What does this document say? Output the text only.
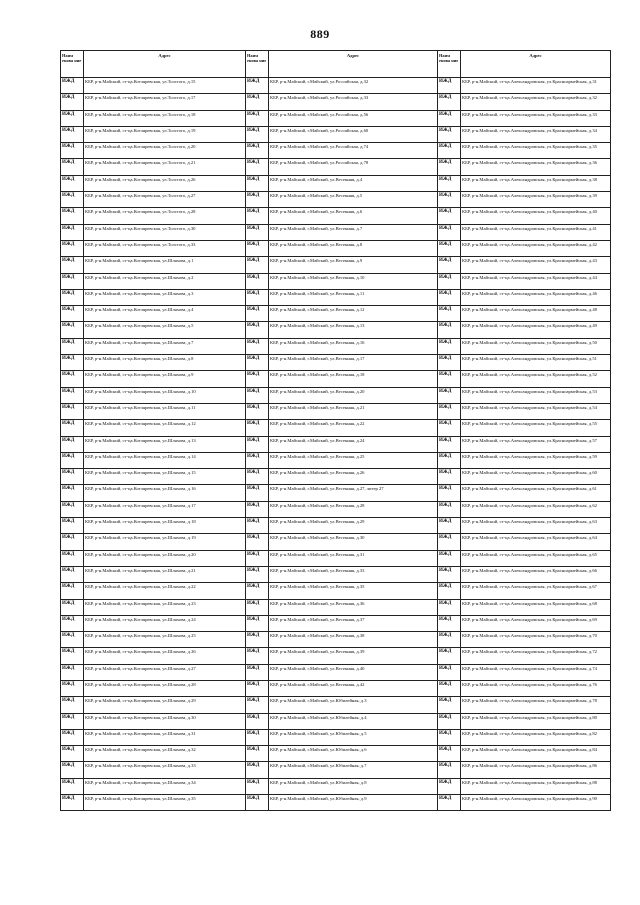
889
Наим енова ние	Адрес	Наим енова ние	Адрес	Наим енова ние	Адрес
ИЖД	КБР, р-н.Майский, ст-ца.Котляревская, ул.Толстого, д.15	ИЖД	КБР, р-н.Майский, г.Майский, ул.Российская, д.32	ИЖД	КБР, р-н.Майский, ст-ца.Александровская, ул.Красноармейская, д.31
ИЖД	КБР, р-н.Майский, ст-ца.Котляревская, ул.Толстого, д.17	ИЖД	КБР, р-н.Майский, г.Майский, ул.Российская, д.33	ИЖД	КБР, р-н.Майский, ст-ца.Александровская, ул.Красноармейская, д.32
ИЖД	КБР, р-н.Майский, ст-ца.Котляревская, ул.Толстого, д.18	ИЖД	КБР, р-н.Майский, г.Майский, ул.Российская, д.56	ИЖД	КБР, р-н.Майский, ст-ца.Александровская, ул.Красноармейская, д.33
ИЖД	КБР, р-н.Майский, ст-ца.Котляревская, ул.Толстого, д.19	ИЖД	КБР, р-н.Майский, г.Майский, ул.Российская, д.60	ИЖД	КБР, р-н.Майский, ст-ца.Александровская, ул.Красноармейская, д.34
ИЖД	КБР, р-н.Майский, ст-ца.Котляревская, ул.Толстого, д.20	ИЖД	КБР, р-н.Майский, г.Майский, ул.Российская, д.74	ИЖД	КБР, р-н.Майский, ст-ца.Александровская, ул.Красноармейская, д.35
ИЖД	КБР, р-н.Майский, ст-ца.Котляревская, ул.Толстого, д.21	ИЖД	КБР, р-н.Майский, г.Майский, ул.Российская, д.78	ИЖД	КБР, р-н.Майский, ст-ца.Александровская, ул.Красноармейская, д.36
ИЖД	КБР, р-н.Майский, ст-ца.Котляревская, ул.Толстого, д.26	ИЖД	КБР, р-н.Майский, г.Майский, ул.Весенняя, д.4	ИЖД	КБР, р-н.Майский, ст-ца.Александровская, ул.Красноармейская, д.38
ИЖД	КБР, р-н.Майский, ст-ца.Котляревская, ул.Толстого, д.27	ИЖД	КБР, р-н.Майский, г.Майский, ул.Весенняя, д.5	ИЖД	КБР, р-н.Майский, ст-ца.Александровская, ул.Красноармейская, д.39
ИЖД	КБР, р-н.Майский, ст-ца.Котляревская, ул.Толстого, д.28	ИЖД	КБР, р-н.Майский, г.Майский, ул.Весенняя, д.6	ИЖД	КБР, р-н.Майский, ст-ца.Александровская, ул.Красноармейская, д.40
ИЖД	КБР, р-н.Майский, ст-ца.Котляревская, ул.Толстого, д.30	ИЖД	КБР, р-н.Майский, г.Майский, ул.Весенняя, д.7	ИЖД	КБР, р-н.Майский, ст-ца.Александровская, ул.Красноармейская, д.41
ИЖД	КБР, р-н.Майский, ст-ца.Котляревская, ул.Толстого, д.33	ИЖД	КБР, р-н.Майский, г.Майский, ул.Весенняя, д.8	ИЖД	КБР, р-н.Майский, ст-ца.Александровская, ул.Красноармейская, д.42
ИЖД	КБР, р-н.Майский, ст-ца.Котляревская, ул.Шляхова, д.1	ИЖД	КБР, р-н.Майский, г.Майский, ул.Весенняя, д.9	ИЖД	КБР, р-н.Майский, ст-ца.Александровская, ул.Красноармейская, д.43
ИЖД	КБР, р-н.Майский, ст-ца.Котляревская, ул.Шляхова, д.2	ИЖД	КБР, р-н.Майский, г.Майский, ул.Весенняя, д.10	ИЖД	КБР, р-н.Майский, ст-ца.Александровская, ул.Красноармейская, д.44
ИЖД	КБР, р-н.Майский, ст-ца.Котляревская, ул.Шляхова, д.3	ИЖД	КБР, р-н.Майский, г.Майский, ул.Весенняя, д.11	ИЖД	КБР, р-н.Майский, ст-ца.Александровская, ул.Красноармейская, д.46
ИЖД	КБР, р-н.Майский, ст-ца.Котляревская, ул.Шляхова, д.4	ИЖД	КБР, р-н.Майский, г.Майский, ул.Весенняя, д.12	ИЖД	КБР, р-н.Майский, ст-ца.Александровская, ул.Красноармейская, д.48
ИЖД	КБР, р-н.Майский, ст-ца.Котляревская, ул.Шляхова, д.5	ИЖД	КБР, р-н.Майский, г.Майский, ул.Весенняя, д.13	ИЖД	КБР, р-н.Майский, ст-ца.Александровская, ул.Красноармейская, д.49
ИЖД	КБР, р-н.Майский, ст-ца.Котляревская, ул.Шляхова, д.7	ИЖД	КБР, р-н.Майский, г.Майский, ул.Весенняя, д.16	ИЖД	КБР, р-н.Майский, ст-ца.Александровская, ул.Красноармейская, д.50
ИЖД	КБР, р-н.Майский, ст-ца.Котляревская, ул.Шляхова, д.8	ИЖД	КБР, р-н.Майский, г.Майский, ул.Весенняя, д.17	ИЖД	КБР, р-н.Майский, ст-ца.Александровская, ул.Красноармейская, д.51
ИЖД	КБР, р-н.Майский, ст-ца.Котляревская, ул.Шляхова, д.9	ИЖД	КБР, р-н.Майский, г.Майский, ул.Весенняя, д.18	ИЖД	КБР, р-н.Майский, ст-ца.Александровская, ул.Красноармейская, д.52
ИЖД	КБР, р-н.Майский, ст-ца.Котляревская, ул.Шляхова, д.10	ИЖД	КБР, р-н.Майский, г.Майский, ул.Весенняя, д.20	ИЖД	КБР, р-н.Майский, ст-ца.Александровская, ул.Красноармейская, д.53
ИЖД	КБР, р-н.Майский, ст-ца.Котляревская, ул.Шляхова, д.11	ИЖД	КБР, р-н.Майский, г.Майский, ул.Весенняя, д.21	ИЖД	КБР, р-н.Майский, ст-ца.Александровская, ул.Красноармейская, д.54
ИЖД	КБР, р-н.Майский, ст-ца.Котляревская, ул.Шляхова, д.12	ИЖД	КБР, р-н.Майский, г.Майский, ул.Весенняя, д.22	ИЖД	КБР, р-н.Майский, ст-ца.Александровская, ул.Красноармейская, д.55
ИЖД	КБР, р-н.Майский, ст-ца.Котляревская, ул.Шляхова, д.13	ИЖД	КБР, р-н.Майский, г.Майский, ул.Весенняя, д.24	ИЖД	КБР, р-н.Майский, ст-ца.Александровская, ул.Красноармейская, д.57
ИЖД	КБР, р-н.Майский, ст-ца.Котляревская, ул.Шляхова, д.14	ИЖД	КБР, р-н.Майский, г.Майский, ул.Весенняя, д.25	ИЖД	КБР, р-н.Майский, ст-ца.Александровская, ул.Красноармейская, д.59
ИЖД	КБР, р-н.Майский, ст-ца.Котляревская, ул.Шляхова, д.15	ИЖД	КБР, р-н.Майский, г.Майский, ул.Весенняя, д.26	ИЖД	КБР, р-н.Майский, ст-ца.Александровская, ул.Красноармейская, д.60
ИЖД	КБР, р-н.Майский, ст-ца.Котляревская, ул.Шляхова, д.16	ИЖД	КБР, р-н.Майский, г.Майский, ул.Весенняя, д.27, литер 27	ИЖД	КБР, р-н.Майский, ст-ца.Александровская, ул.Красноармейская, д.61
ИЖД	КБР, р-н.Майский, ст-ца.Котляревская, ул.Шляхова, д.17	ИЖД	КБР, р-н.Майский, г.Майский, ул.Весенняя, д.28	ИЖД	КБР, р-н.Майский, ст-ца.Александровская, ул.Красноармейская, д.62
ИЖД	КБР, р-н.Майский, ст-ца.Котляревская, ул.Шляхова, д.18	ИЖД	КБР, р-н.Майский, г.Майский, ул.Весенняя, д.29	ИЖД	КБР, р-н.Майский, ст-ца.Александровская, ул.Красноармейская, д.63
ИЖД	КБР, р-н.Майский, ст-ца.Котляревская, ул.Шляхова, д.19	ИЖД	КБР, р-н.Майский, г.Майский, ул.Весенняя, д.30	ИЖД	КБР, р-н.Майский, ст-ца.Александровская, ул.Красноармейская, д.64
ИЖД	КБР, р-н.Майский, ст-ца.Котляревская, ул.Шляхова, д.20	ИЖД	КБР, р-н.Майский, г.Майский, ул.Весенняя, д.31	ИЖД	КБР, р-н.Майский, ст-ца.Александровская, ул.Красноармейская, д.65
ИЖД	КБР, р-н.Майский, ст-ца.Котляревская, ул.Шляхова, д.21	ИЖД	КБР, р-н.Майский, г.Майский, ул.Весенняя, д.33	ИЖД	КБР, р-н.Майский, ст-ца.Александровская, ул.Красноармейская, д.66
ИЖД	КБР, р-н.Майский, ст-ца.Котляревская, ул.Шляхова, д.22	ИЖД	КБР, р-н.Майский, г.Майский, ул.Весенняя, д.35	ИЖД	КБР, р-н.Майский, ст-ца.Александровская, ул.Красноармейская, д.67
ИЖД	КБР, р-н.Майский, ст-ца.Котляревская, ул.Шляхова, д.23	ИЖД	КБР, р-н.Майский, г.Майский, ул.Весенняя, д.36	ИЖД	КБР, р-н.Майский, ст-ца.Александровская, ул.Красноармейская, д.68
ИЖД	КБР, р-н.Майский, ст-ца.Котляревская, ул.Шляхова, д.24	ИЖД	КБР, р-н.Майский, г.Майский, ул.Весенняя, д.37	ИЖД	КБР, р-н.Майский, ст-ца.Александровская, ул.Красноармейская, д.69
ИЖД	КБР, р-н.Майский, ст-ца.Котляревская, ул.Шляхова, д.25	ИЖД	КБР, р-н.Майский, г.Майский, ул.Весенняя, д.38	ИЖД	КБР, р-н.Майский, ст-ца.Александровская, ул.Красноармейская, д.70
ИЖД	КБР, р-н.Майский, ст-ца.Котляревская, ул.Шляхова, д.26	ИЖД	КБР, р-н.Майский, г.Майский, ул.Весенняя, д.39	ИЖД	КБР, р-н.Майский, ст-ца.Александровская, ул.Красноармейская, д.72
ИЖД	КБР, р-н.Майский, ст-ца.Котляревская, ул.Шляхова, д.27	ИЖД	КБР, р-н.Майский, г.Майский, ул.Весенняя, д.40	ИЖД	КБР, р-н.Майский, ст-ца.Александровская, ул.Красноармейская, д.74
ИЖД	КБР, р-н.Майский, ст-ца.Котляревская, ул.Шляхова, д.28	ИЖД	КБР, р-н.Майский, г.Майский, ул.Весенняя, д.42	ИЖД	КБР, р-н.Майский, ст-ца.Александровская, ул.Красноармейская, д.76
ИЖД	КБР, р-н.Майский, ст-ца.Котляревская, ул.Шляхова, д.29	ИЖД	КБР, р-н.Майский, г.Майский, ул.Юбилейная, д.3	ИЖД	КБР, р-н.Майский, ст-ца.Александровская, ул.Красноармейская, д.78
ИЖД	КБР, р-н.Майский, ст-ца.Котляревская, ул.Шляхова, д.30	ИЖД	КБР, р-н.Майский, г.Майский, ул.Юбилейная, д.4	ИЖД	КБР, р-н.Майский, ст-ца.Александровская, ул.Красноармейская, д.80
ИЖД	КБР, р-н.Майский, ст-ца.Котляревская, ул.Шляхова, д.31	ИЖД	КБР, р-н.Майский, г.Майский, ул.Юбилейная, д.5	ИЖД	КБР, р-н.Майский, ст-ца.Александровская, ул.Красноармейская, д.82
ИЖД	КБР, р-н.Майский, ст-ца.Котляревская, ул.Шляхова, д.32	ИЖД	КБР, р-н.Майский, г.Майский, ул.Юбилейная, д.6	ИЖД	КБР, р-н.Майский, ст-ца.Александровская, ул.Красноармейская, д.84
ИЖД	КБР, р-н.Майский, ст-ца.Котляревская, ул.Шляхова, д.33	ИЖД	КБР, р-н.Майский, г.Майский, ул.Юбилейная, д.7	ИЖД	КБР, р-н.Майский, ст-ца.Александровская, ул.Красноармейская, д.86
ИЖД	КБР, р-н.Майский, ст-ца.Котляревская, ул.Шляхова, д.34	ИЖД	КБР, р-н.Майский, г.Майский, ул.Юбилейная, д.8	ИЖД	КБР, р-н.Майский, ст-ца.Александровская, ул.Красноармейская, д.88
ИЖД	КБР, р-н.Майский, ст-ца.Котляревская, ул.Шляхова, д.35	ИЖД	КБР, р-н.Майский, г.Майский, ул.Юбилейная, д.9	ИЖД	КБР, р-н.Майский, ст-ца.Александровская, ул.Красноармейская, д.90
